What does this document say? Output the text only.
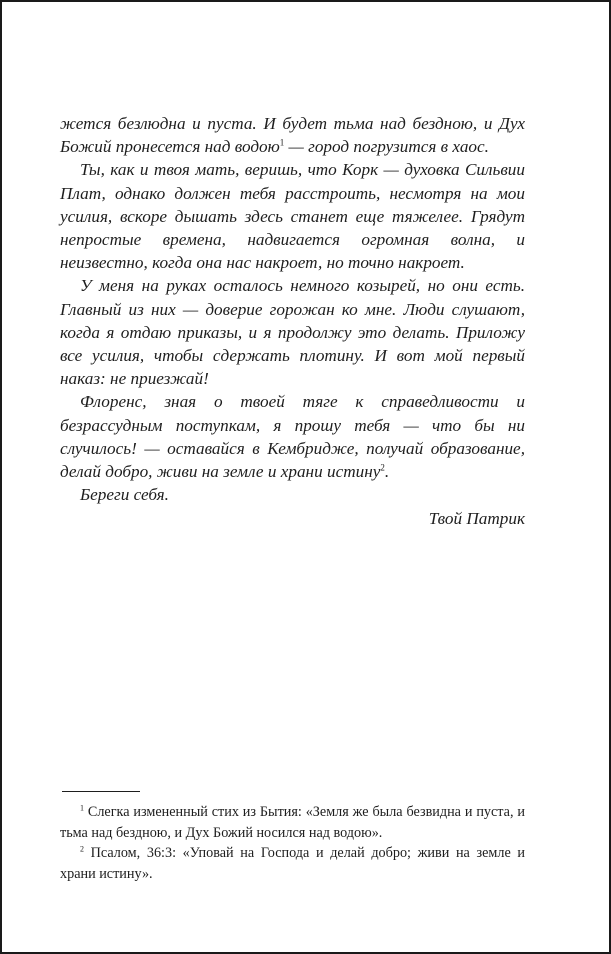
жется безлюдна и пуста. И будет тьма над бездною, и Дух Божий пронесется над водою$^1$ — город погрузится в хаос.

Ты, как и твоя мать, веришь, что Корк — духовка Сильвии Плат, однако должен тебя расстроить, несмотря на мои усилия, вскоре дышать здесь станет еще тяжелее. Грядут непростые времена, надвигается огромная волна, и неизвестно, когда она нас накроет, но точно накроет.

У меня на руках осталось немного козырей, но они есть. Главный из них — доверие горожан ко мне. Люди слушают, когда я отдаю приказы, и я продолжу это делать. Приложу все усилия, чтобы сдержать плотину. И вот мой первый наказ: не приезжай!

Флоренс, зная о твоей тяге к справедливости и безрассудным поступкам, я прошу тебя — что бы ни случилось! — оставайся в Кембридже, получай образование, делай добро, живи на земле и храни истину$^2$.

Береги себя.

Твой Патрик

$^1$ Слегка измененный стих из Бытия: «Земля же была безвидна и пуста, и тьма над бездною, и Дух Божий носился над водою».

$^2$ Псалом, 36:3: «Уповай на Господа и делай добро; живи на земле и храни истину».
